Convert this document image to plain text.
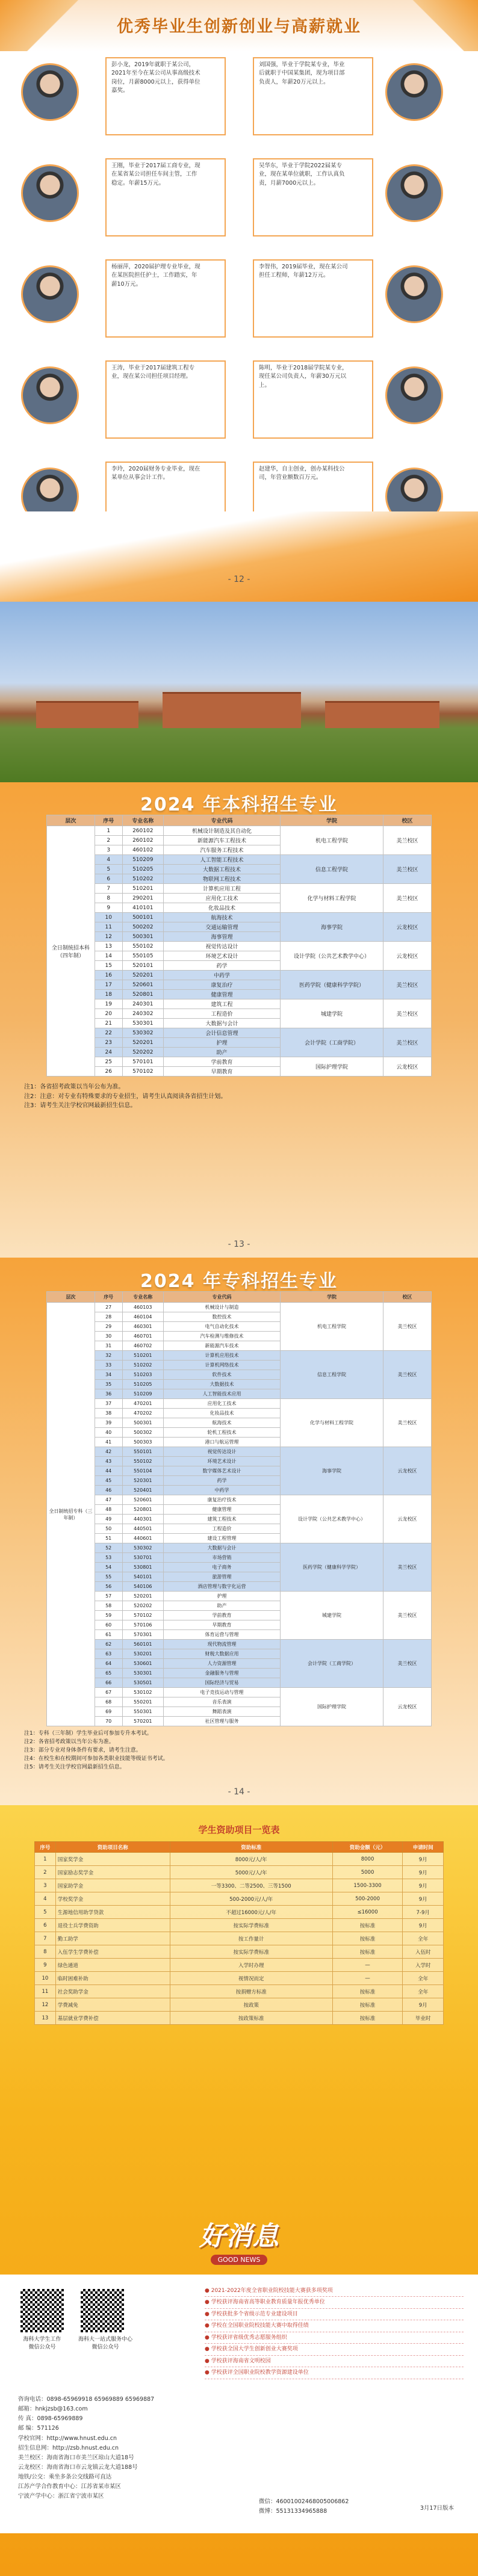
优秀毕业生创新创业与高薪就业
彭小龙，2019年就职于某公司，2021年至今在某公司从事高级技术岗位，月薪8000元以上，获得单位嘉奖。
刘国强，毕业于学院某专业，毕业后就职于中国某集团，现为项目部负责人，年薪20万元以上。
王刚，毕业于2017届工商专业，现在某省某公司担任车间主管，工作稳定。年薪15万元。
吴华东，毕业于学院2022届某专业，现在某单位就职，工作认真负责，月薪7000元以上。
杨丽萍，2020届护理专业毕业，现在某医院担任护士，工作踏实，年薪10万元。
李智伟，2019届毕业，现在某公司担任工程师，年薪12万元。
王涛，毕业于2017届建筑工程专业，现在某公司担任项目经理。
陈明，毕业于2018届学院某专业，现任某公司负责人，年薪30万元以上。
李玲，2020届财务专业毕业，现在某单位从事会计工作。
赵建华，自主创业，创办某科技公司，年营业额数百万元。
- 12 -
2024 年本科招生专业
层次	序号	专业名称	专业代码	学院	校区
全日制统招本科（四年制）	1	260102	机械设计制造及其自动化	机电工程学院	美兰校区
	2	260102	新能源汽车工程技术		
	3	460102	汽车服务工程技术		
	4	510209	人工智能工程技术	信息工程学院	美兰校区
	5	510205	大数据工程技术		
	6	510202	物联网工程技术		
	7	510201	计算机应用工程	化学与材料工程学院	美兰校区
	8	290201	应用化工技术		
	9	410101	化妆品技术		
	10	500101	航海技术	海事学院	云龙校区
	11	500202	交通运输管理		
	12	500301	海事管理		
	13	550102	视觉传达设计	设计学院（公共艺术教学中心）	云龙校区
	14	550105	环境艺术设计		
	15	520101	药学		
	16	520201	中药学	医药学院（健康科学学院）	美兰校区
	17	520601	康复治疗		
	18	520801	健康管理		
	19	240301	建筑工程	城建学院	美兰校区
	20	240302	工程造价		
	21	530301	大数据与会计		
	22	530302	会计信息管理	会计学院（工商学院）	美兰校区
	23	520201	护理		
	24	520202	助产		
	25	570101	学前教育	国际护理学院	云龙校区
	26	570102	早期教育		
注1：各省招考政策以当年公布为准。
注2：注意：对专业有特殊要求的专业招生，请考生认真阅读各省招生计划。
注3：请考生关注学校官网最新招生信息。
- 13 -
2024 年专科招生专业
层次	序号	专业名称	专业代码	学院	校区
全日制统招专科（三年制）	27	460103	机械设计与制造	机电工程学院	美兰校区
	28	460104	数控技术		
	29	460301	电气自动化技术		
	30	460701	汽车检测与维修技术		
	31	460702	新能源汽车技术		
	32	510201	计算机应用技术	信息工程学院	美兰校区
	33	510202	计算机网络技术		
	34	510203	软件技术		
	35	510205	大数据技术		
	36	510209	人工智能技术应用		
	37	470201	应用化工技术	化学与材料工程学院	美兰校区
	38	470202	化妆品技术		
	39	500301	航海技术		
	40	500302	轮机工程技术		
	41	500303	港口与航运管理		
	42	550101	视觉传达设计	海事学院	云龙校区
	43	550102	环境艺术设计		
	44	550104	数字媒体艺术设计		
	45	520301	药学		
	46	520401	中药学		
	47	520601	康复治疗技术	设计学院（公共艺术教学中心）	云龙校区
	48	520801	健康管理		
	49	440301	建筑工程技术		
	50	440501	工程造价		
	51	440601	建设工程管理		
	52	530302	大数据与会计	医药学院（健康科学学院）	美兰校区
	53	530701	市场营销		
	54	530801	电子商务		
	55	540101	旅游管理		
	56	540106	酒店管理与数字化运营		
	57	520201	护理	城建学院	美兰校区
	58	520202	助产		
	59	570102	学前教育		
	60	570106	早期教育		
	61	570301	体育运营与管理		
	62	560101	现代物流管理	会计学院（工商学院）	美兰校区
	63	530201	财税大数据应用		
	64	530601	人力资源管理		
	65	530301	金融服务与管理		
	66	530501	国际经济与贸易		
	67	530102	电子竞技运动与管理	国际护理学院	云龙校区
	68	550201	音乐表演		
	69	550301	舞蹈表演		
	70	570201	社区管理与服务		
注1：专科（三年制）学生毕业后可参加专升本考试。
注2：各省招考政策以当年公布为准。
注3：部分专业对身体条件有要求，请考生注意。
注4：在校生和在校期间可参加各类职业技能等级证书考试。
注5：请考生关注学校官网最新招生信息。
- 14 -
学生资助项目一览表
序号	资助项目名称	资助标准	资助金额（元）	申请时间
1	国家奖学金	8000元/人/年	8000	9月
2	国家励志奖学金	5000元/人/年	5000	9月
3	国家助学金	一等3300、二等2500、三等1500	1500-3300	9月
4	学校奖学金	500-2000元/人/年	500-2000	9月
5	生源地信用助学贷款	不超过16000元/人/年	≤16000	7-9月
6	退役士兵学费资助	按实际学费标准	按标准	9月
7	勤工助学	按工作量计	按标准	全年
8	入伍学生学费补偿	按实际学费标准	按标准	入伍时
9	绿色通道	入学时办理	—	入学时
10	临时困难补助	视情况而定	—	全年
11	社会奖助学金	按捐赠方标准	按标准	全年
12	学费减免	按政策	按标准	9月
13	基层就业学费补偿	按政策标准	按标准	毕业时
好消息
GOOD NEWS
海科大学生工作
微信公众号
海科大一站式服务中心
微信公众号
● 2021-2022年度全省职业院校技能大赛获多项奖项
● 学校获评海南省高等职业教育质量年报优秀单位
● 学校获批多个省级示范专业建设项目
● 学校在全国职业院校技能大赛中取得佳绩
● 学校获评省级优秀志愿服务组织
● 学校获全国大学生创新创业大赛奖项
● 学校获评海南省文明校园
● 学校获评全国职业院校教学资源建设单位
咨询电话：0898-65969918 65969889 65969887
邮箱：hnkjzsb@163.com
传 真：0898-65969889
邮 编：571126
学校官网：http://www.hnust.edu.cn
招生信息网：http://zsb.hnust.edu.cn
美兰校区：海南省海口市美兰区琼山大道18号
云龙校区：海南省海口市云龙镇云龙大道188号
地铁/公交：乘坐多条公交线路可直达
江苏产学合作教育中心：江苏省某市某区
宁波产学中心：浙江省宁波市某区
微信：46001002468005006862
微博：55131334965888	3月17日版本
